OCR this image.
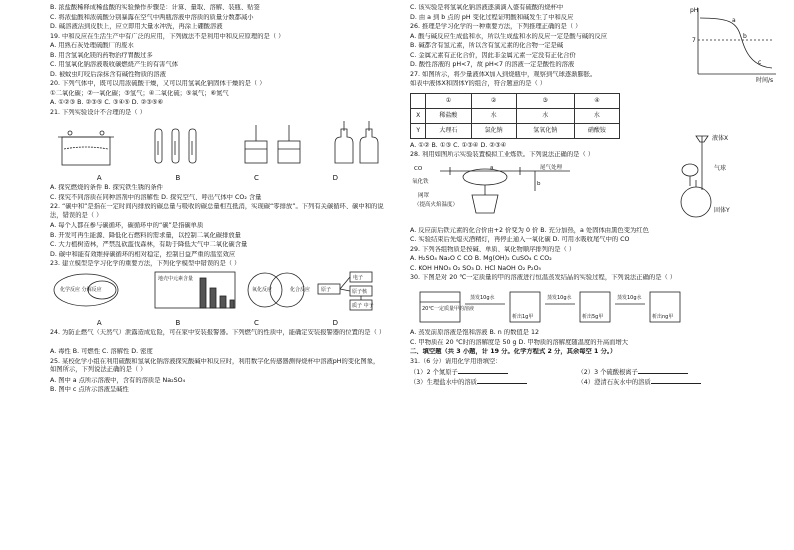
B. 浓盐酸稀释成稀盐酸的实验操作步骤是：计算、量取、溶解、装瓶、贴签
C. 将浓盐酸和浓硫酸分别暴露在空气中两瓶溶液中溶质的质量分数都减小
D. 碱溶液沾到皮肤上，应立即用大量水冲洗，再涂上硼酸溶液
19. 中和反应在生活生产中有广泛的应用，下列做法不是利用中和反应原理的是（ ）
A. 用熟石灰处理硫酸厂的废水
B. 用含氢氧化镁的药物治疗胃酸过多
C. 用氢氧化钠溶液吸收碳燃烧产生的有害气体
D. 被蚊虫叮咬后涂抹含有碱性物质的溶液
20. 下列气体中，既可以用浓硫酸干燥，又可以用氢氧化钠固体干燥的是（ ）
①二氧化碳；②一氧化碳；③氢气；④二氧化硫；⑤氧气；⑥氮气
A. ①②③ B. ②③⑤ C. ③④⑤ D. ②③⑤⑥
21. 下列实验设计不合理的是（ ）
A	B	C	D
A. 探究燃烧的条件 B. 探究铁生锈的条件
C. 探究不同溶质在同种溶剂中的溶解性 D. 探究空气、呼出气体中 CO₂ 含量
22. “碳中和”是指在一定时间内排放的碳总量与吸收的碳总量相互抵消，实现碳“零排放”。下列有关碳循环、碳中和的说法，错误的是（ ）
A. 每个人都在参与碳循环，碳循环中的“碳”是指碳单质
B. 开发可再生能源、降低化石燃料的需求量，以控制二氧化碳排放量
C. 大力植树造林，严禁乱砍滥伐森林，有助于降低大气中二氧化碳含量
D. 碳中和能有效维持碳循环的相对稳定，控制日益严重的温室效应
23. 建立模型是学习化学的重要方法，下列化学模型中错误的是（ ）
化学反应 分解反应
地壳中元素含量
氧化反应	化合反应 原子	原子核
电子
质子 中子
A	B	C	D
24. 为防止燃气（天然气）泄露造成危险，可在家中安装报警器。下列燃气的性质中，能确定安装报警器的位置的是（ ）
A. 毒性 B. 可燃性 C. 溶解性 D. 密度
25. 某校化学小组在利用硫酸和氢氧化钠溶液探究酸碱中和反应时，利用数字化传感器测得烧杯中溶液pH的变化图象，如图所示，下列说法正确的是（ ）
A. 图中 a 点所示溶液中，含有的溶质是 Na₂SO₄
B. 图中 c 点所示溶液呈碱性
C. 该实验是将氢氧化钠溶液逐滴滴入盛有硫酸的烧杯中
D. 由 a 到 b 点的 pH 变化过程证明酸和碱发生了中和反应
26. 推理是学习化学的一种重要方法，下列推理正确的是（ ）
A. 酸与碱反应生成盐和水，所以生成盐和水的反应一定是酸与碱的反应
B. 碱都含有氢元素，所以含有氢元素的化合物一定是碱
C. 金属元素有正化合价，因此非金属元素一定没有正化合价
D. 酸性溶液的 pH<7，故 pH<7 的溶液一定是酸性的溶液
27. 如图所示，将少量液体X加入到烧瓶中，观察到气球逐渐膨胀。
如表中液体X和固体Y的组合，符合题意的是（ ）
	①	②	③	④
X	稀盐酸	水	水	水
Y	大理石	氯化钠	氢氧化钠	硝酸铵
A. ①② B. ①③ C. ①③④ D. ②③④
28. 利用如图所示实验装置模拟工业炼铁。下列说法正确的是（ ）
CO
氧化铁
网罩
（提高火焰温度）
尾气处理
a
b
A. 反应前后铁元素的化合价由+2 价变为 0 价 B. 充分加热，a 处固体由黑色变为红色
C. 实验结束后先熄灭酒精灯，再停止通入一氧化碳 D. 可用水吸收尾气中的 CO
29. 下列各组物质是按碱、单质、氧化物顺序排列的是（ ）
A. H₂SO₄ Na₂O C CO B. Mg(OH)₂ CuSO₄ C CO₂
C. KOH HNO₃ O₂ SO₃ D. HCl NaOH O₂ P₂O₅
30. 下图是对 20 ℃一定质量的甲的溶液进行恒温蒸发结晶的实验过程，下列说法正确的是（ ）
20℃一定质量甲的溶液
蒸发10g水
析出1g甲
蒸发10g水
析出5g甲
蒸发10g水
析出ng甲
A. 蒸发前原溶液是饱和溶液 B. n 的数值是 12
C. 甲物质在 20 ℃时的溶解度是 50 g D. 甲物质的溶解度随温度的升高而增大
二、填空题（共 3 小题，计 19 分。化学方程式 2 分，其余每空 1 分。）
31.（6 分）请用化学用语填空：
（1）2 个氮原子	（2）3 个硫酸根离子
（3）生理盐水中的溶质	（4）澄清石灰水中的溶质
pH
7
时间/s
a
b
c
液体X
气球
固体Y
